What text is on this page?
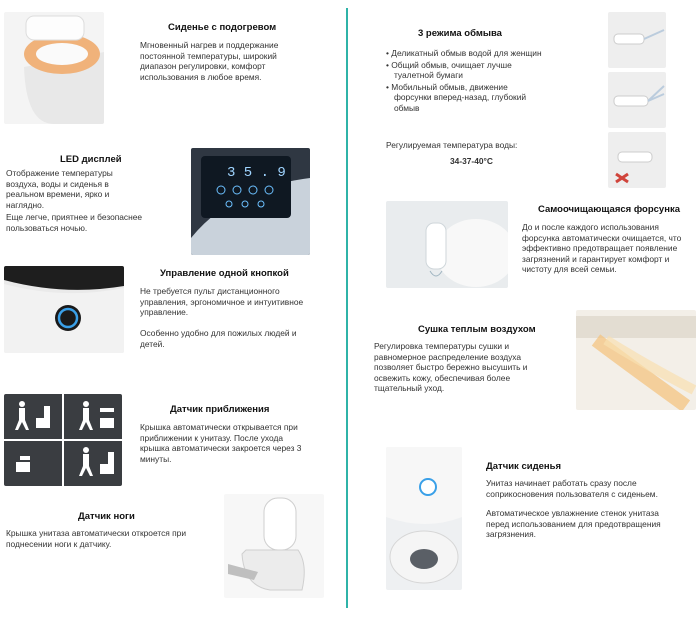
Сиденье с подогревом
Мгновенный нагрев и поддержание постоянной температуры, широкий диапазон регулировки, комфорт использования в любое время.
LED дисплей
Отображение температуры воздуха, воды и сиденья в реальном времени, ярко и наглядно.
Еще легче, приятнее и безопаснее пользоваться ночью.
3 5 . 9
Управление одной кнопкой
Не требуется пульт дистанционного управления, эргономичное и интуитивное управление.
Особенно удобно для пожилых людей и детей.
Датчик приближения
Крышка автоматически открывается при приближении к унитазу. После ухода крышка автоматически закроется через 3 минуты.
Датчик ноги
Крышка унитаза автоматически откроется при поднесении ноги к датчику.
3 режима обмыва
• Деликатный обмыв водой для женщин
• Общий обмыв, очищает лучше туалетной бумаги
• Мобильный обмыв, движение форсунки вперед-назад, глубокий обмыв
Регулируемая температура воды:
34-37-40°C
Самоочищающаяся форсунка
До и после каждого использования форсунка автоматически очищается, что эффективно предотвращает появление загрязнений и гарантирует комфорт и чистоту для всей семьи.
Сушка теплым воздухом
Регулировка температуры сушки и равномерное распределение воздуха позволяет быстро бережно высушить и освежить кожу, обеспечивая более тщательный уход.
Датчик сиденья
Унитаз начинает работать сразу после соприкосновения пользователя с сиденьем.
Автоматическое увлажнение стенок унитаза перед использованием для предотвращения загрязнения.
